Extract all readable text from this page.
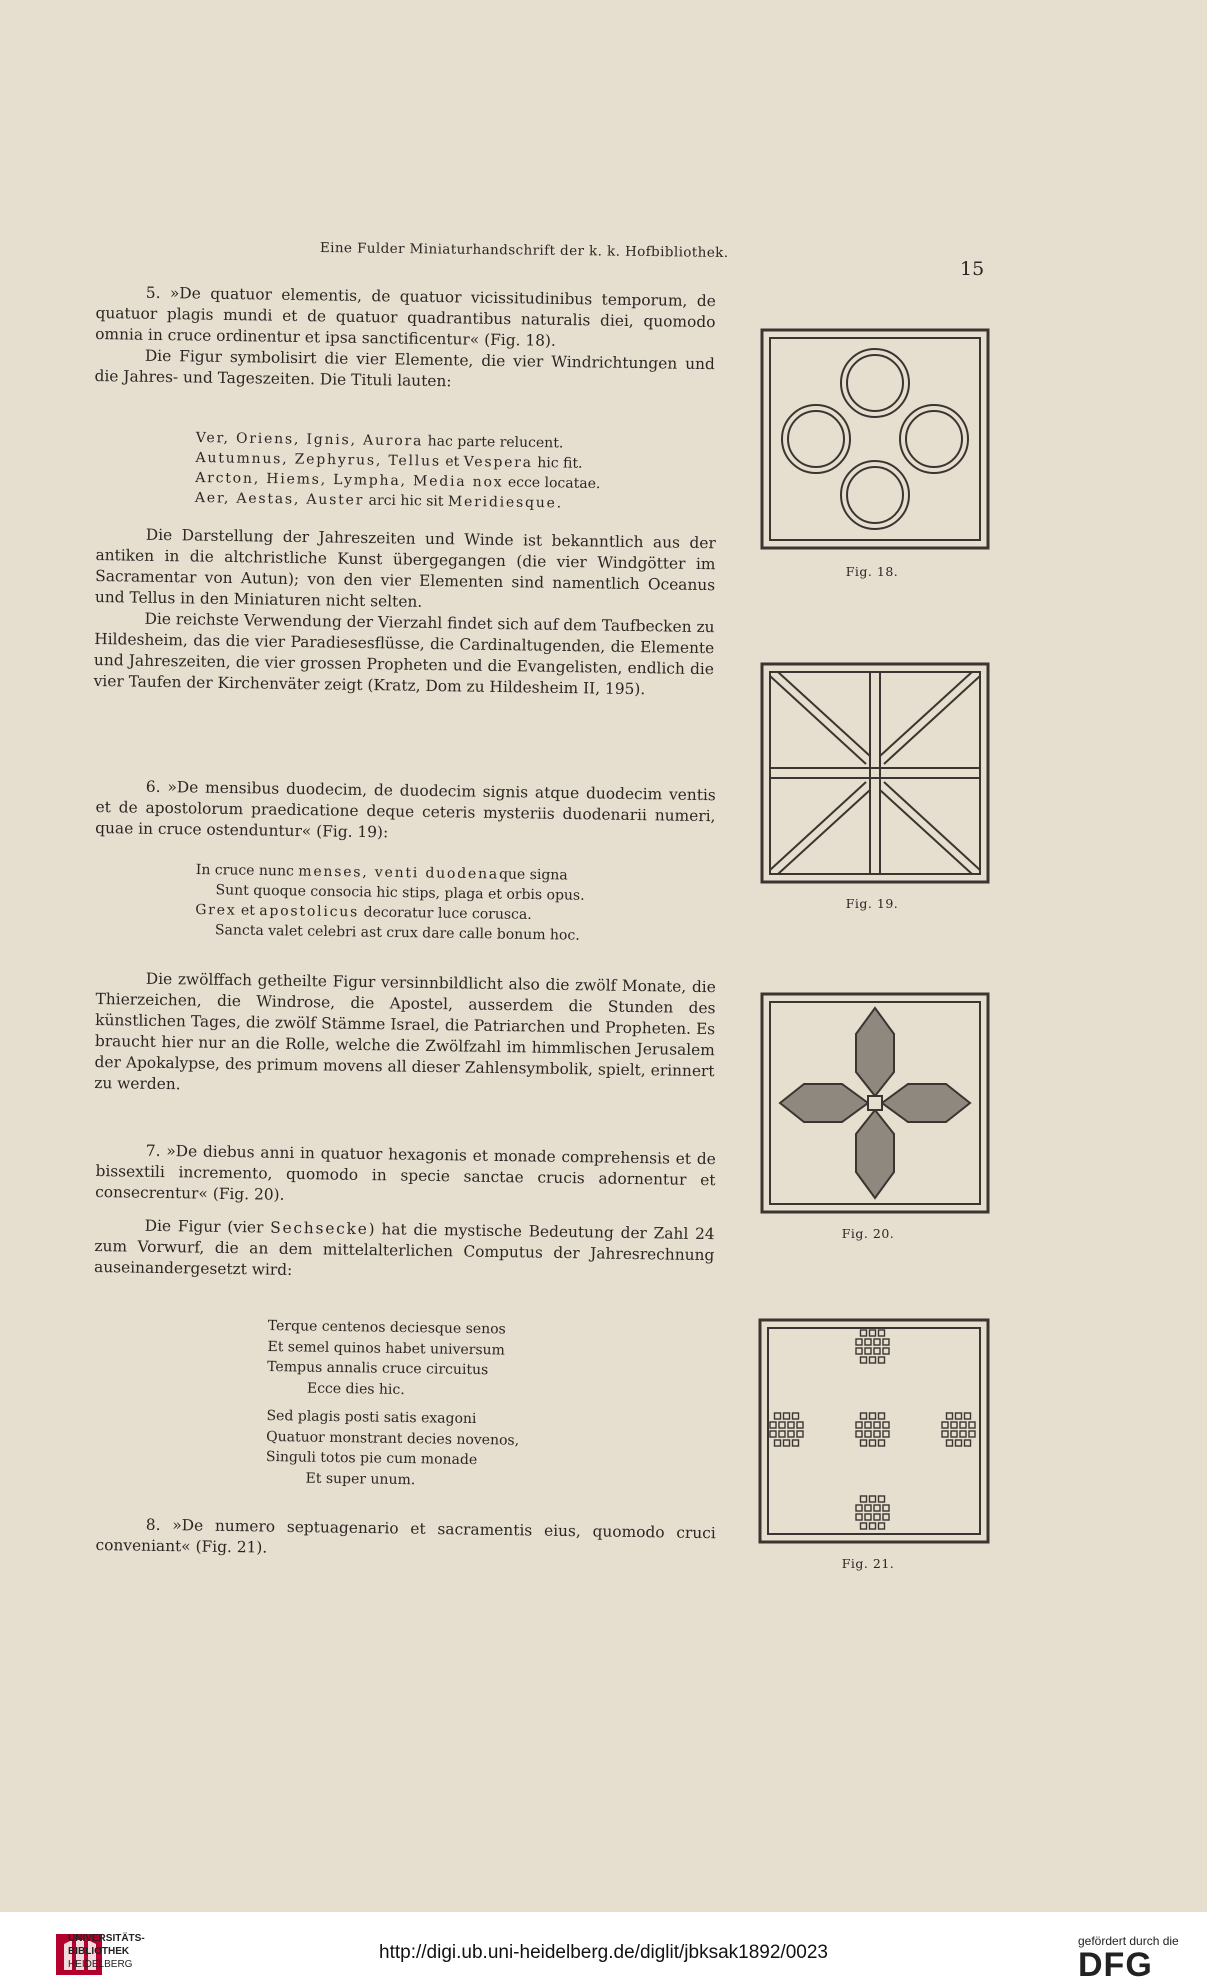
Eine Fulder Miniaturhandschrift der k. k. Hofbibliothek.
15

5. »De quatuor elementis, de quatuor vicissitudinibus temporum, de quatuor plagis mundi et de quatuor quadrantibus naturalis diei, quomodo omnia in cruce ordinentur et ipsa sanctificentur« (Fig. 18).

Die Figur symbolisirt die vier Elemente, die vier Windrichtungen und die Jahres- und Tageszeiten. Die Tituli lauten:

Ver, Oriens, Ignis, Aurora hac parte relucent.
Autumnus, Zephyrus, Tellus et Vespera hic fit.
Arcton, Hiems, Lympha, Media nox ecce locatae.
Aer, Aestas, Auster arci hic sit Meridiesque.

Die Darstellung der Jahreszeiten und Winde ist bekanntlich aus der antiken in die altchristliche Kunst übergegangen (die vier Windgötter im Sacramentar von Autun); von den vier Elementen sind namentlich Oceanus und Tellus in den Miniaturen nicht selten.

Die reichste Verwendung der Vierzahl findet sich auf dem Taufbecken zu Hildesheim, das die vier Paradiesesflüsse, die Cardinaltugenden, die Elemente und Jahreszeiten, die vier grossen Propheten und die Evangelisten, endlich die vier Taufen der Kirchenväter zeigt (Kratz, Dom zu Hildesheim II, 195).

6. »De mensibus duodecim, de duodecim signis atque duodecim ventis et de apostolorum praedicatione deque ceteris mysteriis duodenarii numeri, quae in cruce ostenduntur« (Fig. 19):

In cruce nunc menses, venti duodenaque signa
Sunt quoque consocia hic stips, plaga et orbis opus.
Grex et apostolicus decoratur luce corusca.
Sancta valet celebri ast crux dare calle bonum hoc.

Die zwölffach getheilte Figur versinnbildlicht also die zwölf Monate, die Thierzeichen, die Windrose, die Apostel, ausserdem die Stunden des künstlichen Tages, die zwölf Stämme Israel, die Patriarchen und Propheten. Es braucht hier nur an die Rolle, welche die Zwölfzahl im himmlischen Jerusalem der Apokalypse, des primum movens all dieser Zahlensymbolik, spielt, erinnert zu werden.

7. »De diebus anni in quatuor hexagonis et monade comprehensis et de bissextili incremento, quomodo in specie sanctae crucis adornentur et consecrentur« (Fig. 20).

Die Figur (vier Sechsecke) hat die mystische Bedeutung der Zahl 24 zum Vorwurf, die an dem mittelalterlichen Computus der Jahresrechnung auseinandergesetzt wird:

Terque centenos deciesque senos
Et semel quinos habet universum
Tempus annalis cruce circuitus
Ecce dies hic.
Sed plagis posti satis exagoni
Quatuor monstrant decies novenos,
Singuli totos pie cum monade
Et super unum.

8. »De numero septuagenario et sacramentis eius, quomodo cruci conveniant« (Fig. 21).

Fig. 18.
Fig. 19.
Fig. 20.
Fig. 21.
UNIVERSITÄTS-
BIBLIOTHEK
HEIDELBERG
http://digi.ub.uni-heidelberg.de/diglit/jbksak1892/0023
gefördert durch die
DFG
